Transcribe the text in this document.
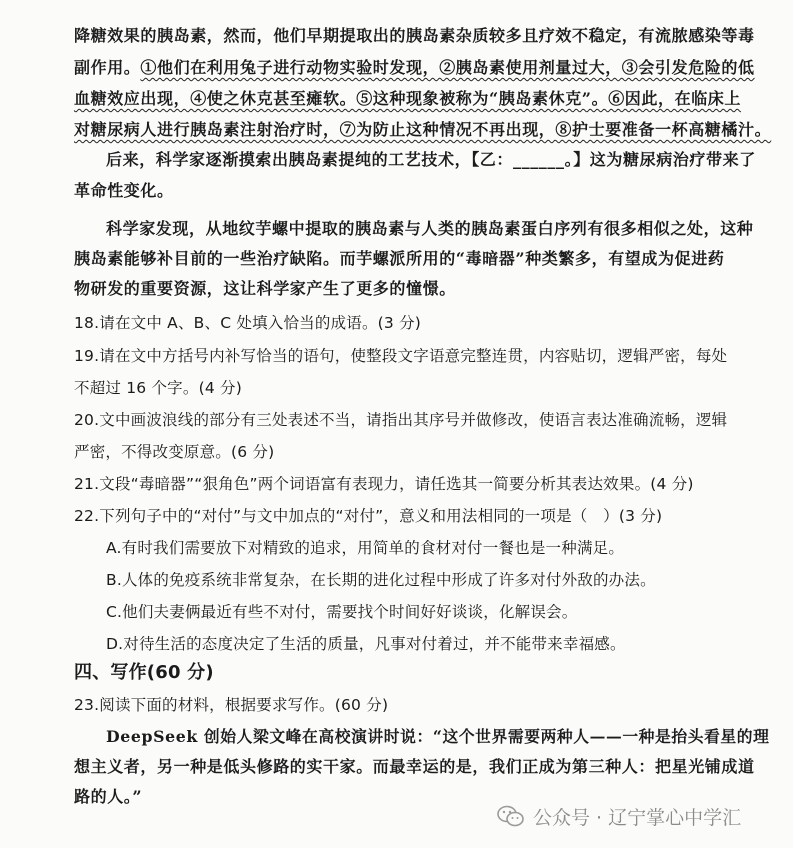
降糖效果的胰岛素，然而，他们早期提取出的胰岛素杂质较多且疗效不稳定，有流脓感染等毒
副作用。①他们在利用兔子进行动物实验时发现，②胰岛素使用剂量过大，③会引发危险的低
血糖效应出现，④使之休克甚至瘫软。⑤这种现象被称为“胰岛素休克”。⑥因此，在临床上
对糖尿病人进行胰岛素注射治疗时，⑦为防止这种情况不再出现，⑧护士要准备一杯高糖橘汁。
后来，科学家逐渐摸索出胰岛素提纯的工艺技术，【乙：______。】这为糖尿病治疗带来了
革命性变化。
科学家发现，从地纹芋螺中提取的胰岛素与人类的胰岛素蛋白序列有很多相似之处，这种
胰岛素能够补目前的一些治疗缺陷。而芋螺派所用的“毒暗器”种类繁多，有望成为促进药
物研发的重要资源，这让科学家产生了更多的憧憬。
18.请在文中 A、B、C 处填入恰当的成语。(3 分)
19.请在文中方括号内补写恰当的语句，使整段文字语意完整连贯，内容贴切，逻辑严密，每处
不超过 16 个字。(4 分)
20.文中画波浪线的部分有三处表述不当，请指出其序号并做修改，使语言表达准确流畅，逻辑
严密，不得改变原意。(6 分)
21.文段“毒暗器”“狠角色”两个词语富有表现力，请任选其一简要分析其表达效果。(4 分)
22.下列句子中的“对付”与文中加点的“对付”，意义和用法相同的一项是（　）(3 分)
A.有时我们需要放下对精致的追求，用简单的食材对付一餐也是一种满足。
B.人体的免疫系统非常复杂，在长期的进化过程中形成了许多对付外敌的办法。
C.他们夫妻俩最近有些不对付，需要找个时间好好谈谈，化解误会。
D.对待生活的态度决定了生活的质量，凡事对付着过，并不能带来幸福感。
四、写作(60 分)
23.阅读下面的材料，根据要求写作。(60 分)
DeepSeek 创始人梁文峰在高校演讲时说：“这个世界需要两种人——一种是抬头看星的理
想主义者，另一种是低头修路的实干家。而最幸运的是，我们正成为第三种人：把星光铺成道
路的人。”
公众号 · 辽宁掌心中学汇
